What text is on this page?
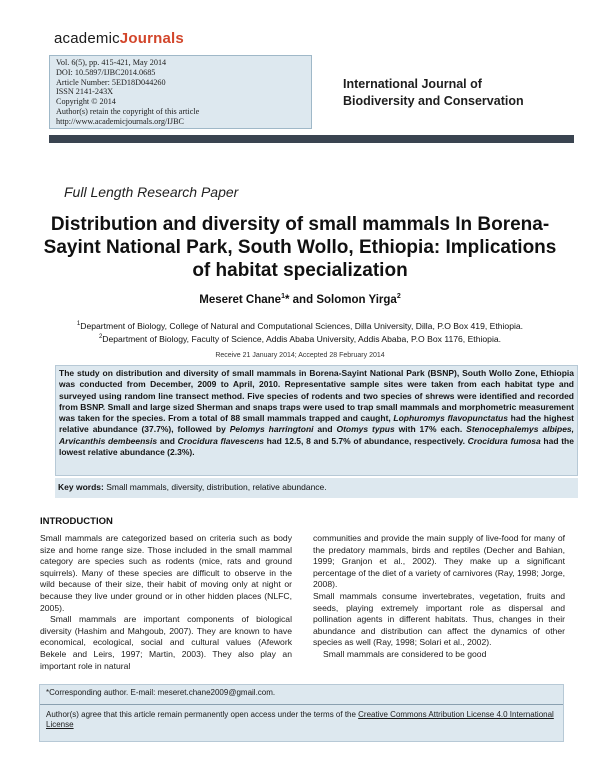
academicJournals
Vol. 6(5), pp. 415-421, May 2014
DOI: 10.5897/IJBC2014.0685
Article Number: 5ED18D044260
ISSN 2141-243X
Copyright © 2014
Author(s) retain the copyright of this article
http://www.academicjournals.org/IJBC
International Journal of Biodiversity and Conservation
Full Length Research Paper
Distribution and diversity of small mammals In Borena-Sayint National Park, South Wollo, Ethiopia: Implications of habitat specialization
Meseret Chane$^1$* and Solomon Yirga$^2$
$^1$Department of Biology, College of Natural and Computational Sciences, Dilla University, Dilla, P.O Box 419, Ethiopia.
$^2$Department of Biology, Faculty of Science, Addis Ababa University, Addis Ababa, P.O Box 1176, Ethiopia.
Receive 21 January 2014; Accepted 28 February 2014
The study on distribution and diversity of small mammals in Borena-Sayint National Park (BSNP), South Wollo Zone, Ethiopia was conducted from December, 2009 to April, 2010. Representative sample sites were taken from each habitat type and surveyed using random line transect method. Five species of rodents and two species of shrews were identified and recorded from BSNP. Small and large sized Sherman and snaps traps were used to trap small mammals and morphometric measurement was taken for the species. From a total of 88 small mammals trapped and caught, Lophuromys flavopunctatus had the highest relative abundance (37.7%), followed by Pelomys harringtoni and Otomys typus with 17% each. Stenocephalemys albipes, Arvicanthis dembeensis and Crocidura flavescens had 12.5, 8 and 5.7% of abundance, respectively. Crocidura fumosa had the lowest relative abundance (2.3%).
Key words: Small mammals, diversity, distribution, relative abundance.
INTRODUCTION

Small mammals are categorized based on criteria such as body size and home range size. Those included in the small mammal category are species such as rodents (mice, rats and ground squirrels). Many of these species are difficult to observe in the wild because of their size, their habit of moving only at night or because they live under ground or in other hidden places (NLFC, 2005).

Small mammals are important components of biological diversity (Hashim and Mahgoub, 2007). They are known to have economical, ecological, social and cultural values (Afework Bekele and Leirs, 1997; Martin, 2003). They also play an important role in natural

communities and provide the main supply of live-food for many of the predatory mammals, birds and reptiles (Decher and Bahian, 1999; Granjon et al., 2002). They make up a significant percentage of the diet of a variety of carnivores (Ray, 1998; Jorge, 2008).

Small mammals consume invertebrates, vegetation, fruits and seeds, playing extremely important role as dispersal and pollination agents in different habitats. Thus, changes in their abundance and distribution can affect the dynamics of other species as well (Ray, 1998; Solari et al., 2002).

Small mammals are considered to be good

*Corresponding author. E-mail: meseret.chane2009@gmail.com.
Author(s) agree that this article remain permanently open access under the terms of the Creative Commons Attribution License 4.0 International License
